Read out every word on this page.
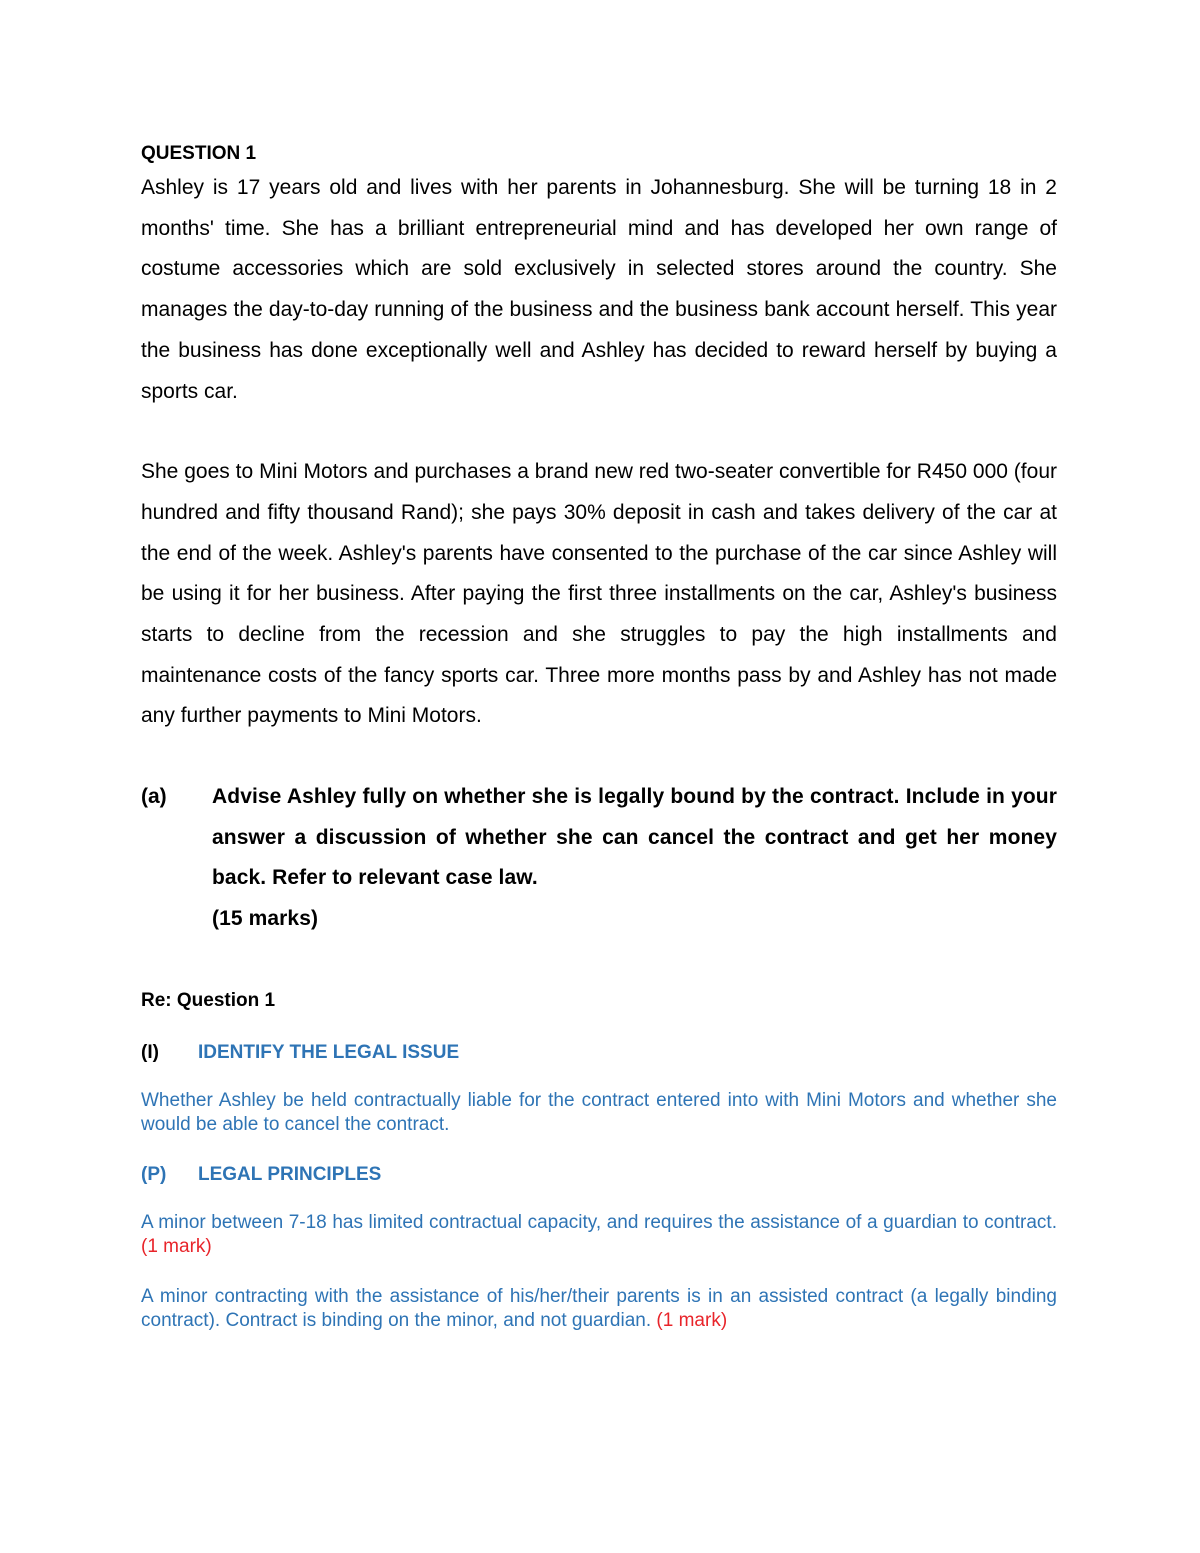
QUESTION 1

Ashley is 17 years old and lives with her parents in Johannesburg. She will be turning 18 in 2 months' time. She has a brilliant entrepreneurial mind and has developed her own range of costume accessories which are sold exclusively in selected stores around the country. She manages the day-to-day running of the business and the business bank account herself. This year the business has done exceptionally well and Ashley has decided to reward herself by buying a sports car.

She goes to Mini Motors and purchases a brand new red two-seater convertible for R450 000 (four hundred and fifty thousand Rand); she pays 30% deposit in cash and takes delivery of the car at the end of the week. Ashley's parents have consented to the purchase of the car since Ashley will be using it for her business. After paying the first three installments on the car, Ashley's business starts to decline from the recession and she struggles to pay the high installments and maintenance costs of the fancy sports car. Three more months pass by and Ashley has not made any further payments to Mini Motors.

(a)	Advise Ashley fully on whether she is legally bound by the contract. Include in your answer a discussion of whether she can cancel the contract and get her money back. Refer to relevant case law.
(15 marks)

Re: Question 1

(I)	IDENTIFY THE LEGAL ISSUE

Whether Ashley be held contractually liable for the contract entered into with Mini Motors and whether she would be able to cancel the contract.

(P)	LEGAL PRINCIPLES

A minor between 7-18 has limited contractual capacity, and requires the assistance of a guardian to contract. (1 mark)

A minor contracting with the assistance of his/her/their parents is in an assisted contract (a legally binding contract). Contract is binding on the minor, and not guardian. (1 mark)
